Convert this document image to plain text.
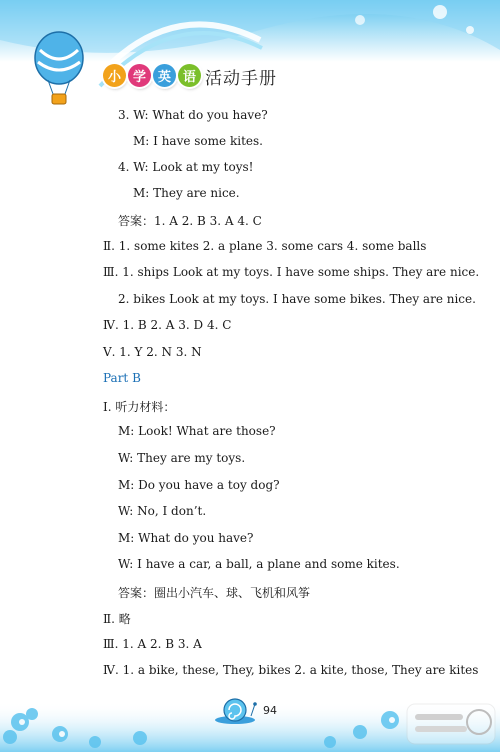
小 学 英 语 活动手册
3. W: What do you have?
M: I have some kites.
4. W: Look at my toys!
M: They are nice.
答案：1. A 2. B 3. A 4. C
Ⅱ. 1. some kites 2. a plane 3. some cars 4. some balls
Ⅲ. 1. ships Look at my toys. I have some ships. They are nice.
2. bikes Look at my toys. I have some bikes. They are nice.
Ⅳ. 1. B 2. A 3. D 4. C
Ⅴ. 1. Y 2. N 3. N
Part B
Ⅰ. 听力材料：
M: Look! What are those?
W: They are my toys.
M: Do you have a toy dog?
W: No, I don’t.
M: What do you have?
W: I have a car, a ball, a plane and some kites.
答案：圈出小汽车、球、飞机和风筝
Ⅱ. 略
Ⅲ. 1. A 2. B 3. A
Ⅳ. 1. a bike, these, They, bikes 2. a kite, those, They are kites
94
